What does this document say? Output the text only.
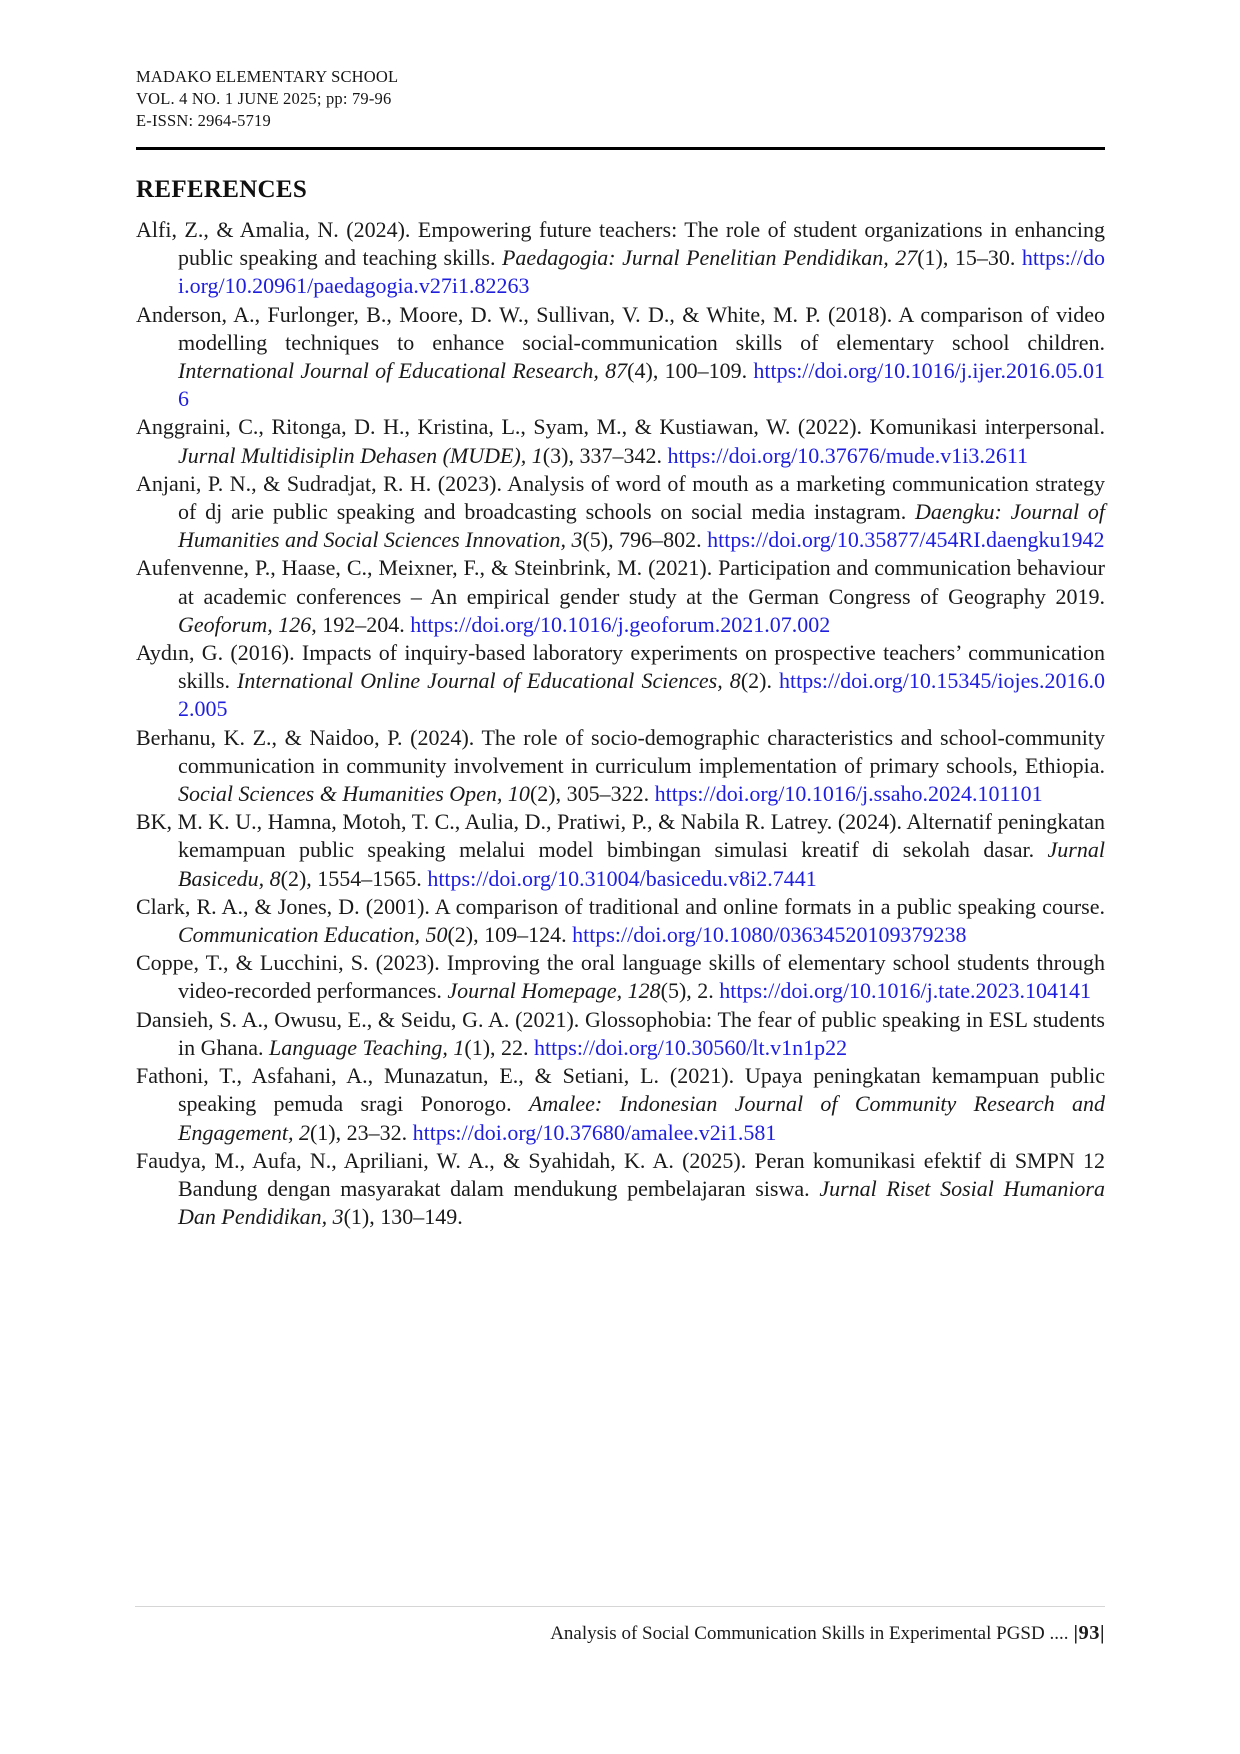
MADAKO ELEMENTARY SCHOOL
VOL. 4 NO. 1 JUNE 2025; pp: 79-96
E-ISSN: 2964-5719
REFERENCES

Alfi, Z., & Amalia, N. (2024). Empowering future teachers: The role of student organizations in enhancing public speaking and teaching skills. Paedagogia: Jurnal Penelitian Pendidikan, 27(1), 15–30. https://doi.org/10.20961/paedagogia.v27i1.82263

Anderson, A., Furlonger, B., Moore, D. W., Sullivan, V. D., & White, M. P. (2018). A comparison of video modelling techniques to enhance social-communication skills of elementary school children. International Journal of Educational Research, 87(4), 100–109. https://doi.org/10.1016/j.ijer.2016.05.016

Anggraini, C., Ritonga, D. H., Kristina, L., Syam, M., & Kustiawan, W. (2022). Komunikasi interpersonal. Jurnal Multidisiplin Dehasen (MUDE), 1(3), 337–342. https://doi.org/10.37676/mude.v1i3.2611

Anjani, P. N., & Sudradjat, R. H. (2023). Analysis of word of mouth as a marketing communication strategy of dj arie public speaking and broadcasting schools on social media instagram. Daengku: Journal of Humanities and Social Sciences Innovation, 3(5), 796–802. https://doi.org/10.35877/454RI.daengku1942

Aufenvenne, P., Haase, C., Meixner, F., & Steinbrink, M. (2021). Participation and communication behaviour at academic conferences – An empirical gender study at the German Congress of Geography 2019. Geoforum, 126, 192–204. https://doi.org/10.1016/j.geoforum.2021.07.002

Aydın, G. (2016). Impacts of inquiry-based laboratory experiments on prospective teachers’ communication skills. International Online Journal of Educational Sciences, 8(2). https://doi.org/10.15345/iojes.2016.02.005

Berhanu, K. Z., & Naidoo, P. (2024). The role of socio-demographic characteristics and school-community communication in community involvement in curriculum implementation of primary schools, Ethiopia. Social Sciences & Humanities Open, 10(2), 305–322. https://doi.org/10.1016/j.ssaho.2024.101101

BK, M. K. U., Hamna, Motoh, T. C., Aulia, D., Pratiwi, P., & Nabila R. Latrey. (2024). Alternatif peningkatan kemampuan public speaking melalui model bimbingan simulasi kreatif di sekolah dasar. Jurnal Basicedu, 8(2), 1554–1565. https://doi.org/10.31004/basicedu.v8i2.7441

Clark, R. A., & Jones, D. (2001). A comparison of traditional and online formats in a public speaking course. Communication Education, 50(2), 109–124. https://doi.org/10.1080/03634520109379238

Coppe, T., & Lucchini, S. (2023). Improving the oral language skills of elementary school students through video-recorded performances. Journal Homepage, 128(5), 2. https://doi.org/10.1016/j.tate.2023.104141

Dansieh, S. A., Owusu, E., & Seidu, G. A. (2021). Glossophobia: The fear of public speaking in ESL students in Ghana. Language Teaching, 1(1), 22. https://doi.org/10.30560/lt.v1n1p22

Fathoni, T., Asfahani, A., Munazatun, E., & Setiani, L. (2021). Upaya peningkatan kemampuan public speaking pemuda sragi Ponorogo. Amalee: Indonesian Journal of Community Research and Engagement, 2(1), 23–32. https://doi.org/10.37680/amalee.v2i1.581

Faudya, M., Aufa, N., Apriliani, W. A., & Syahidah, K. A. (2025). Peran komunikasi efektif di SMPN 12 Bandung dengan masyarakat dalam mendukung pembelajaran siswa. Jurnal Riset Sosial Humaniora Dan Pendidikan, 3(1), 130–149.

Analysis of Social Communication Skills in Experimental PGSD .... |93|
